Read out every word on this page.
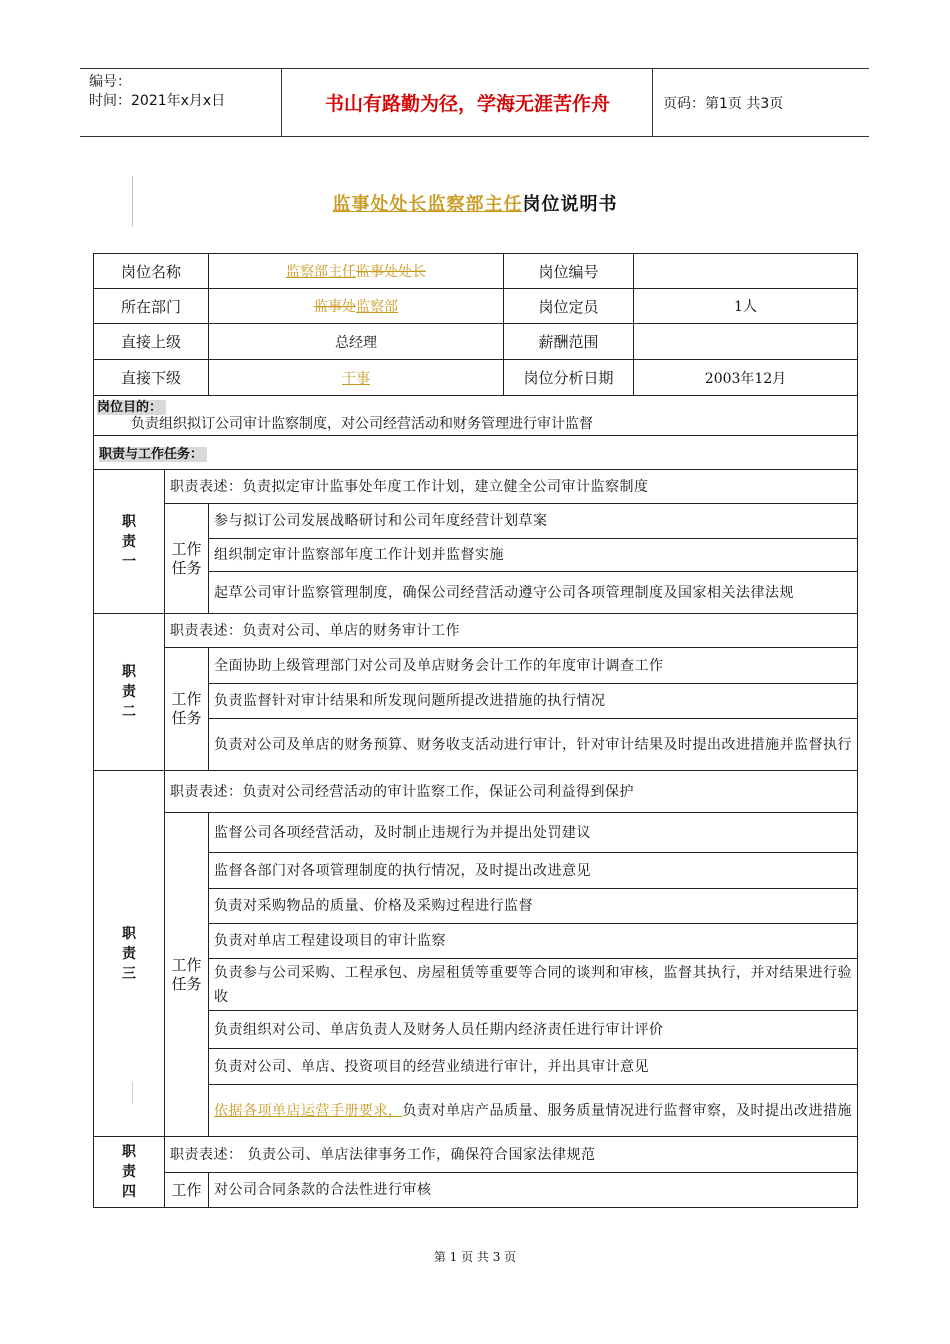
编号：
时间：2021年x月x日	书山有路勤为径，学海无涯苦作舟	页码：第1页 共3页
监事处处长监察部主任岗位说明书
岗位名称		监察部主任监事处处长	岗位编号	
所在部门		监事处监察部	岗位定员	1人
直接上级		总经理	薪酬范围	
直接下级		干事	岗位分析日期	2003年12月

岗位目的：
负责组织拟订公司审计监察制度，对公司经营活动和财务管理进行审计监督				

职责与工作任务：				

职责一	职责表述：负责拟定审计监事处年度工作计划，建立健全公司审计监察制度			

	工作任务	参与拟订公司发展战略研讨和公司年度经营计划草案		
		组织制定审计监察部年度工作计划并监督实施		
		起草公司审计监察管理制度，确保公司经营活动遵守公司各项管理制度及国家相关法律法规		

职责二	职责表述：负责对公司、单店的财务审计工作			

	工作任务	全面协助上级管理部门对公司及单店财务会计工作的年度审计调查工作		
		负责监督针对审计结果和所发现问题所提改进措施的执行情况		
		负责对公司及单店的财务预算、财务收支活动进行审计，针对审计结果及时提出改进措施并监督执行		

职责三	职责表述：负责对公司经营活动的审计监察工作，保证公司利益得到保护			

	工作任务	监督公司各项经营活动，及时制止违规行为并提出处罚建议		
		监督各部门对各项管理制度的执行情况，及时提出改进意见		
		负责对采购物品的质量、价格及采购过程进行监督		
		负责对单店工程建设项目的审计监察		
		负责参与公司采购、工程承包、房屋租赁等重要等合同的谈判和审核，监督其执行，并对结果进行验收		
		负责组织对公司、单店负责人及财务人员任期内经济责任进行审计评价		
		负责对公司、单店、投资项目的经营业绩进行审计，并出具审计意见		
		依据各项单店运营手册要求，负责对单店产品质量、服务质量情况进行监督审察，及时提出改进措施		

职责四	职责表述： 负责公司、单店法律事务工作，确保符合国家法律规范			
	工作	对公司合同条款的合法性进行审核		
第 1 页 共 3 页
